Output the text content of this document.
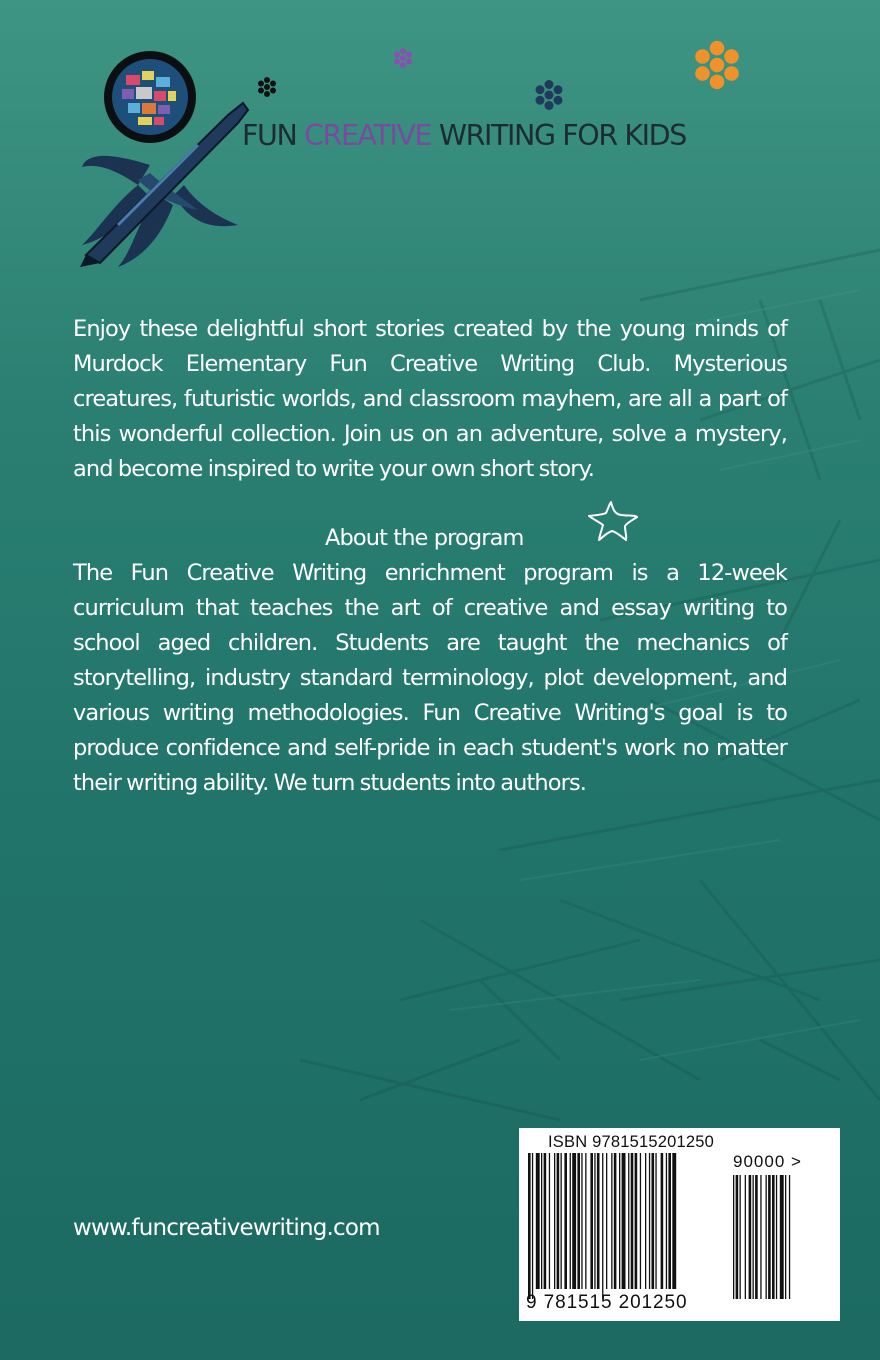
FUN CREATIVE WRITING FOR KIDS
Enjoy these delightful short stories created by the young minds of Murdock Elementary Fun Creative Writing Club. Mysterious creatures, futuristic worlds, and classroom mayhem, are all a part of this wonderful collection. Join us on an adventure, solve a mystery, and become inspired to write your own short story.
About the program
The Fun Creative Writing enrichment program is a 12-week curriculum that teaches the art of creative and essay writing to school aged children. Students are taught the mechanics of storytelling, industry standard terminology, plot development, and various writing methodologies. Fun Creative Writing's goal is to produce confidence and self-pride in each student's work no matter their writing ability. We turn students into authors.
www.funcreativewriting.com
ISBN 9781515201250
90000 >
9 781515 201250
